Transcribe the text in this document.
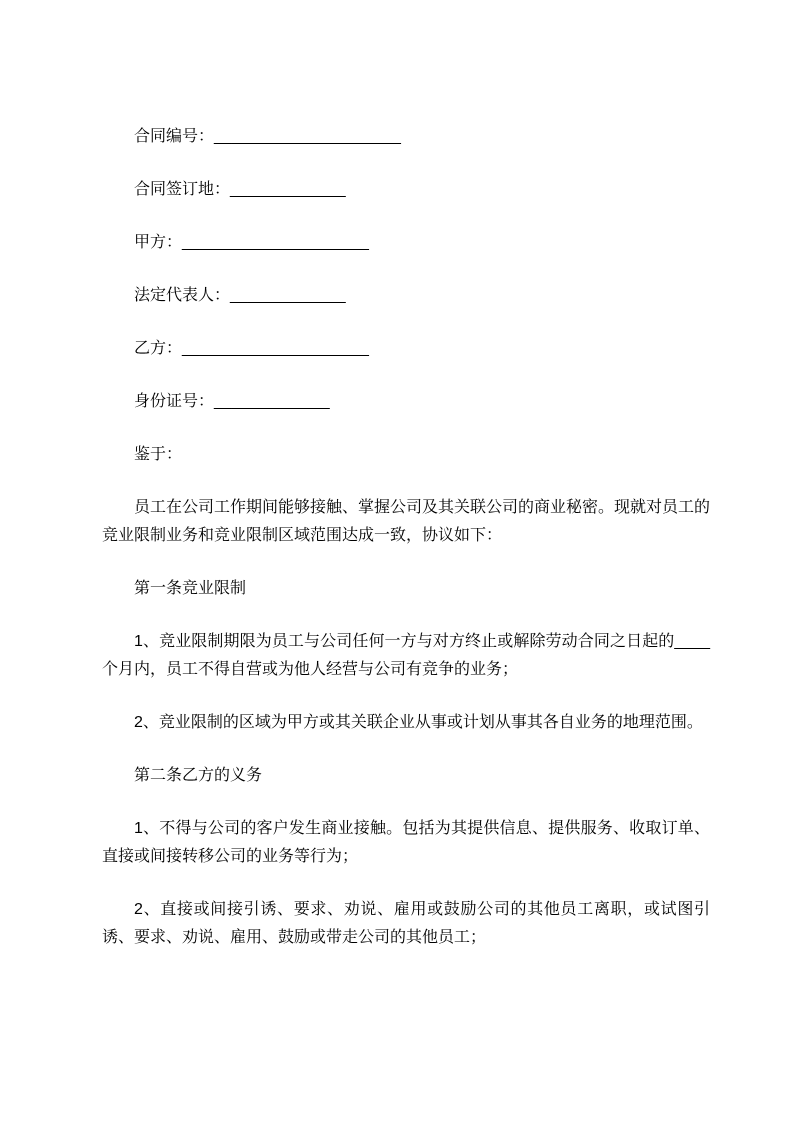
合同编号：_____________________

合同签订地：_____________

甲方：_____________________

法定代表人：_____________

乙方：_____________________

身份证号：_____________

鉴于：

员工在公司工作期间能够接触、掌握公司及其关联公司的商业秘密。现就对员工的竞业限制业务和竞业限制区域范围达成一致，协议如下：

第一条竞业限制

1、竞业限制期限为员工与公司任何一方与对方终止或解除劳动合同之日起的____个月内，员工不得自营或为他人经营与公司有竞争的业务；

2、竞业限制的区域为甲方或其关联企业从事或计划从事其各自业务的地理范围。

第二条乙方的义务

1、不得与公司的客户发生商业接触。包括为其提供信息、提供服务、收取订单、直接或间接转移公司的业务等行为；

2、直接或间接引诱、要求、劝说、雇用或鼓励公司的其他员工离职，或试图引诱、要求、劝说、雇用、鼓励或带走公司的其他员工；
